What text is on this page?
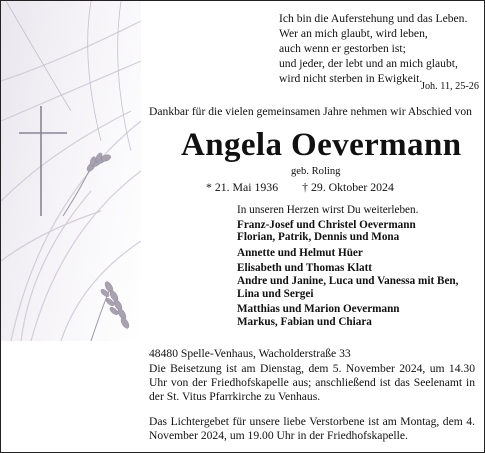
Ich bin die Auferstehung und das Leben.
Wer an mich glaubt, wird leben,
auch wenn er gestorben ist;
und jeder, der lebt und an mich glaubt,
wird nicht sterben in Ewigkeit.
Joh. 11, 25-26
Dankbar für die vielen gemeinsamen Jahre nehmen wir Abschied von
Angela Oevermann
geb. Roling
* 21. Mai 1936 † 29. Oktober 2024
In unseren Herzen wirst Du weiterleben.
Franz-Josef und Christel Oevermann
Florian, Patrik, Dennis und Mona
Annette und Helmut Hüer
Elisabeth und Thomas Klatt
Andre und Janine, Luca und Vanessa mit Ben,
Lina und Sergei
Matthias und Marion Oevermann
Markus, Fabian und Chiara
48480 Spelle-Venhaus, Wacholderstraße 33
Die Beisetzung ist am Dienstag, dem 5. November 2024, um 14.30 Uhr von der Friedhofskapelle aus; anschließend ist das Seelenamt in der St. Vitus Pfarrkirche zu Venhaus.
Das Lichtergebet für unsere liebe Verstorbene ist am Montag, dem 4. November 2024, um 19.00 Uhr in der Friedhofskapelle.
